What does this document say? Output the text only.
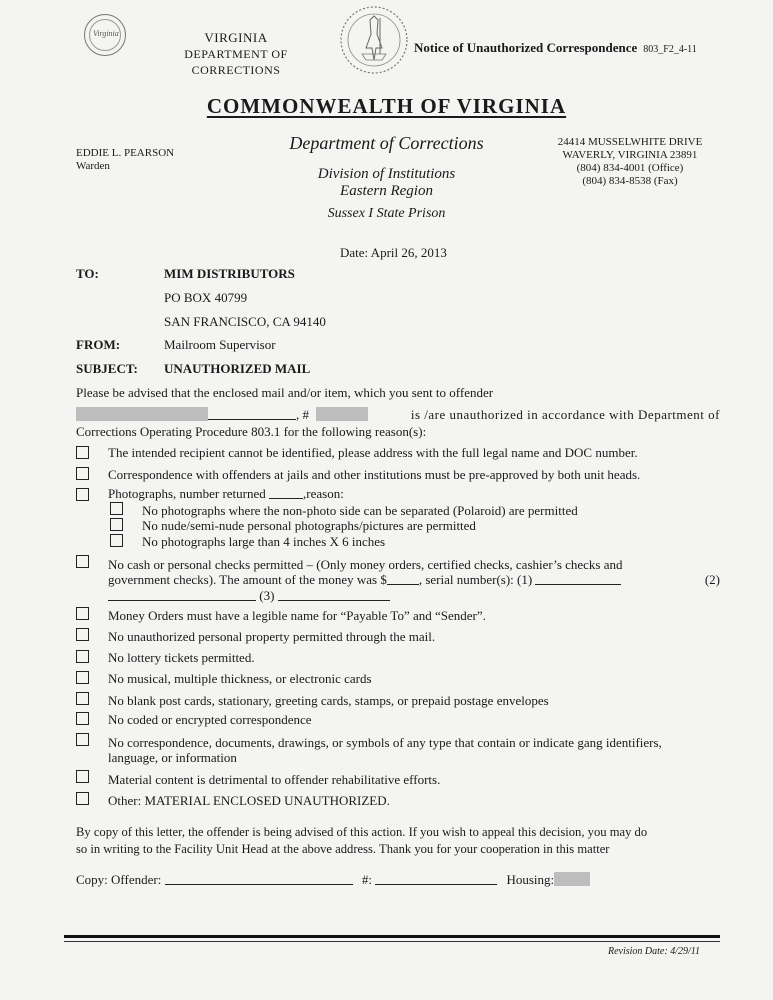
Virginia	VIRGINIA
DEPARTMENT OF CORRECTIONS
Notice of Unauthorized Correspondence 803_F2_4-11
COMMONWEALTH OF VIRGINIA
Department of Corrections
Division of Institutions
Eastern Region
Sussex I State Prison
EDDIE L. PEARSON
Warden
24414 MUSSELWHITE DRIVE
WAVERLY, VIRGINIA 23891
(804) 834-4001 (Office)
(804) 834-8538 (Fax)
Date: April 26, 2013
TO:	MIM DISTRIBUTORS
PO BOX 40799
SAN FRANCISCO, CA 94140
FROM:	Mailroom Supervisor
SUBJECT: UNAUTHORIZED MAIL
Please be advised that the enclosed mail and/or item, which you sent to offender
, #	is /are unauthorized in accordance with Department of
Corrections Operating Procedure 803.1 for the following reason(s):
The intended recipient cannot be identified, please address with the full legal name and DOC number.
Correspondence with offenders at jails and other institutions must be pre-approved by both unit heads.
Photographs, number returned	,reason:
No photographs where the non-photo side can be separated (Polaroid) are permitted
No nude/semi-nude personal photographs/pictures are permitted
No photographs large than 4 inches X 6 inches
No cash or personal checks permitted – (Only money orders, certified checks, cashier’s checks and
government checks). The amount of the money was $ , serial number(s): (1)	(2)
(3)
Money Orders must have a legible name for “Payable To” and “Sender”.
No unauthorized personal property permitted through the mail.
No lottery tickets permitted.
No musical, multiple thickness, or electronic cards
No blank post cards, stationary, greeting cards, stamps, or prepaid postage envelopes
No coded or encrypted correspondence
No correspondence, documents, drawings, or symbols of any type that contain or indicate gang identifiers,
language, or information
Material content is detrimental to offender rehabilitative efforts.
Other: MATERIAL ENCLOSED UNAUTHORIZED.
By copy of this letter, the offender is being advised of this action. If you wish to appeal this decision, you may do
so in writing to the Facility Unit Head at the above address. Thank you for your cooperation in this matter
Copy: Offender:	#:	Housing:
Revision Date: 4/29/11
